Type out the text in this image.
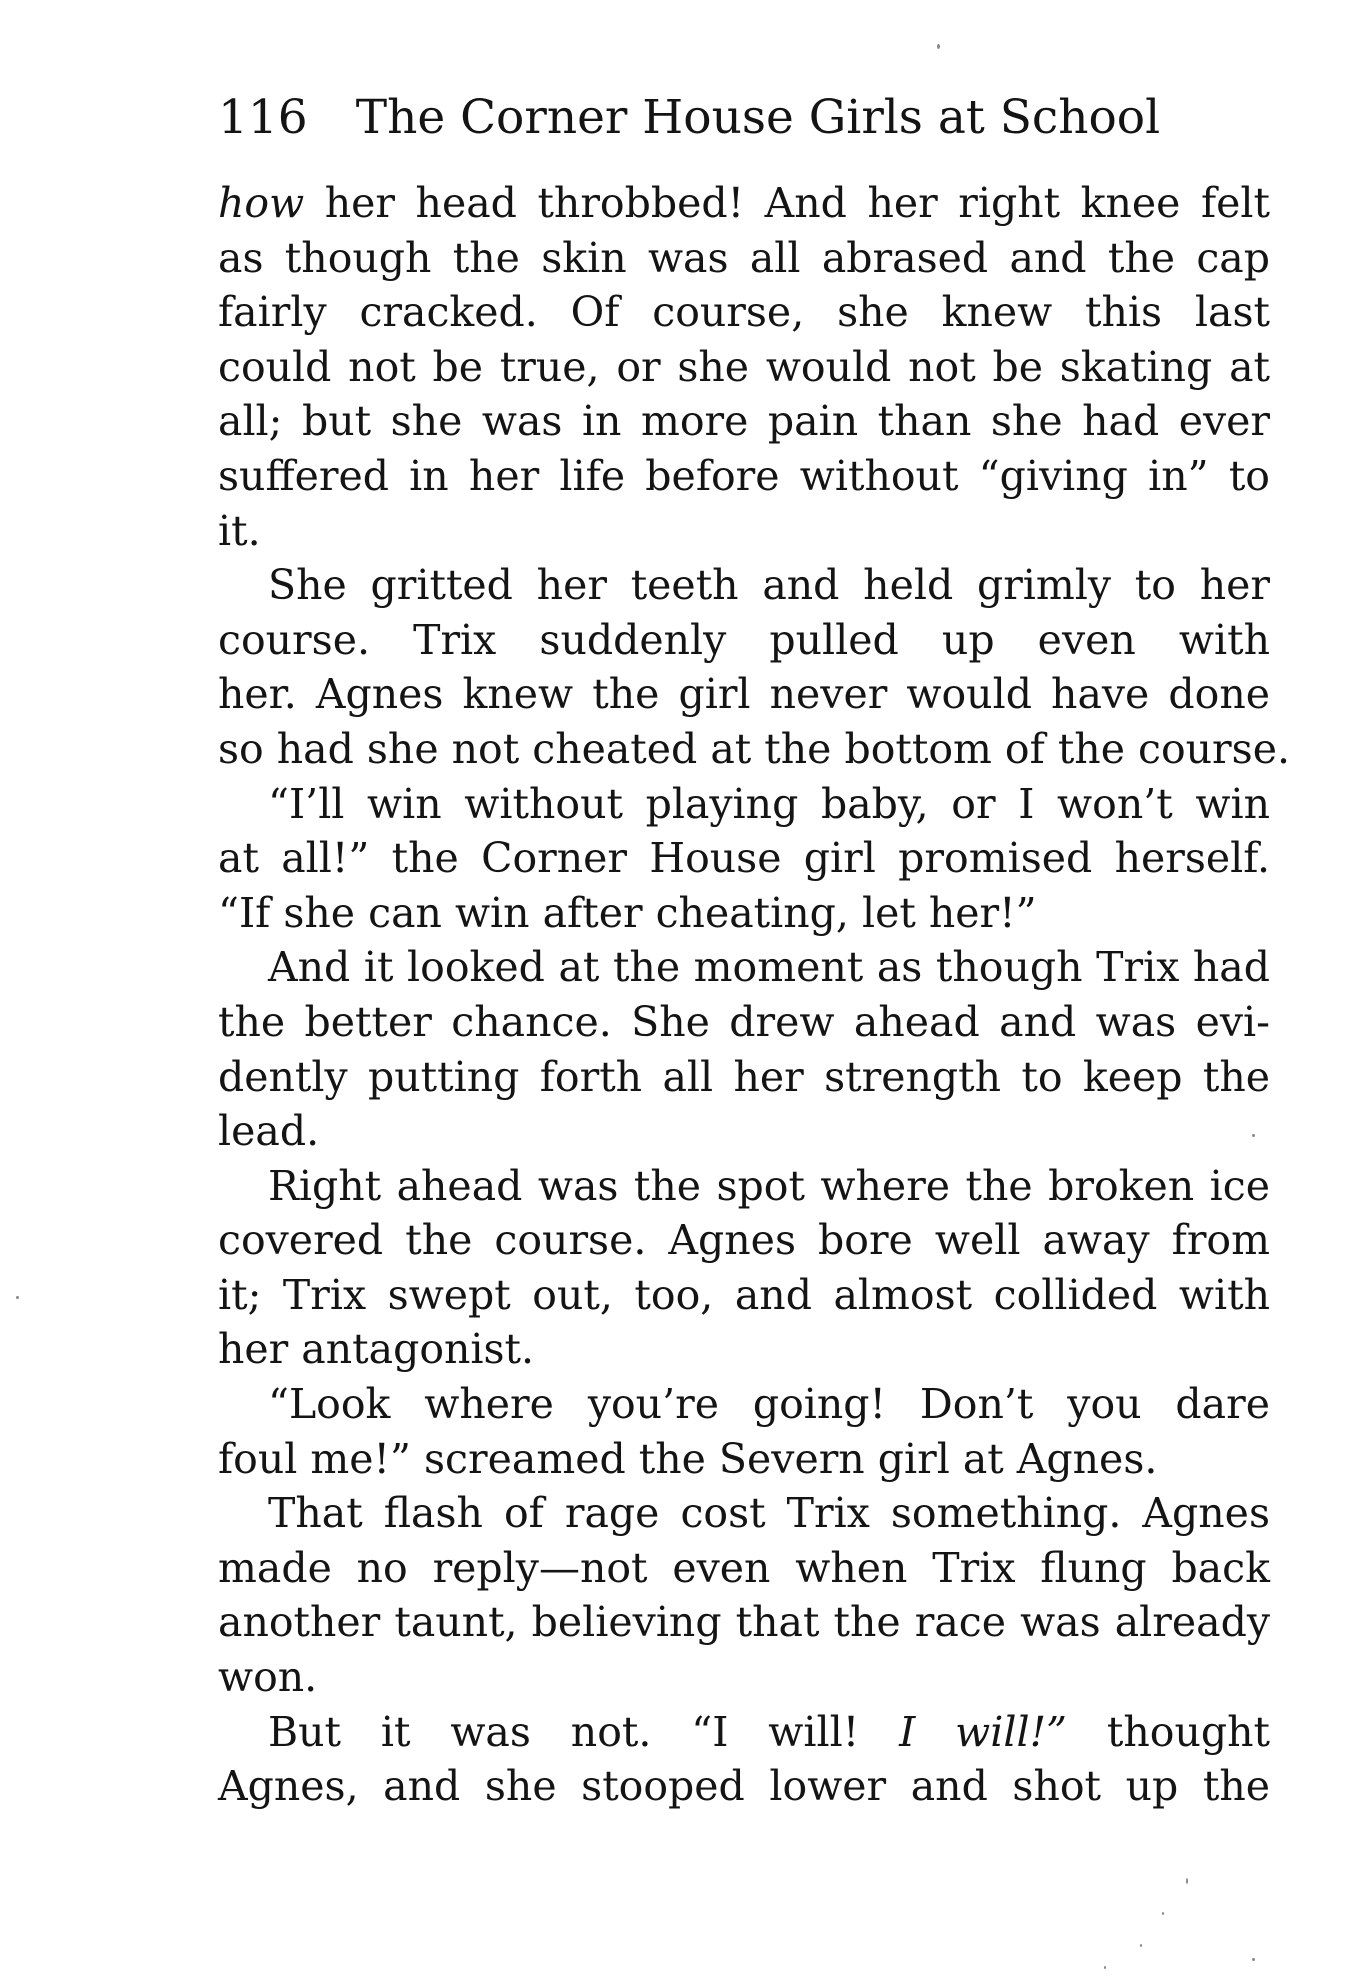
116 The Corner House Girls at School
how her head throbbed! And her right knee felt
as though the skin was all abrased and the cap
fairly cracked. Of course, she knew this last
could not be true, or she would not be skating at
all; but she was in more pain than she had ever
suffered in her life before without “giving in” to
it.
She gritted her teeth and held grimly to her
course. Trix suddenly pulled up even with
her. Agnes knew the girl never would have done
so had she not cheated at the bottom of the course.
“I’ll win without playing baby, or I won’t win
at all!” the Corner House girl promised herself.
“If she can win after cheating, let her!”
And it looked at the moment as though Trix had
the better chance. She drew ahead and was evi-
dently putting forth all her strength to keep the
lead.
Right ahead was the spot where the broken ice
covered the course. Agnes bore well away from
it; Trix swept out, too, and almost collided with
her antagonist.
“Look where you’re going! Don’t you dare
foul me!” screamed the Severn girl at Agnes.
That flash of rage cost Trix something. Agnes
made no reply—not even when Trix flung back
another taunt, believing that the race was already
won.
But it was not. “I will! I will!” thought
Agnes, and she stooped lower and shot up the
